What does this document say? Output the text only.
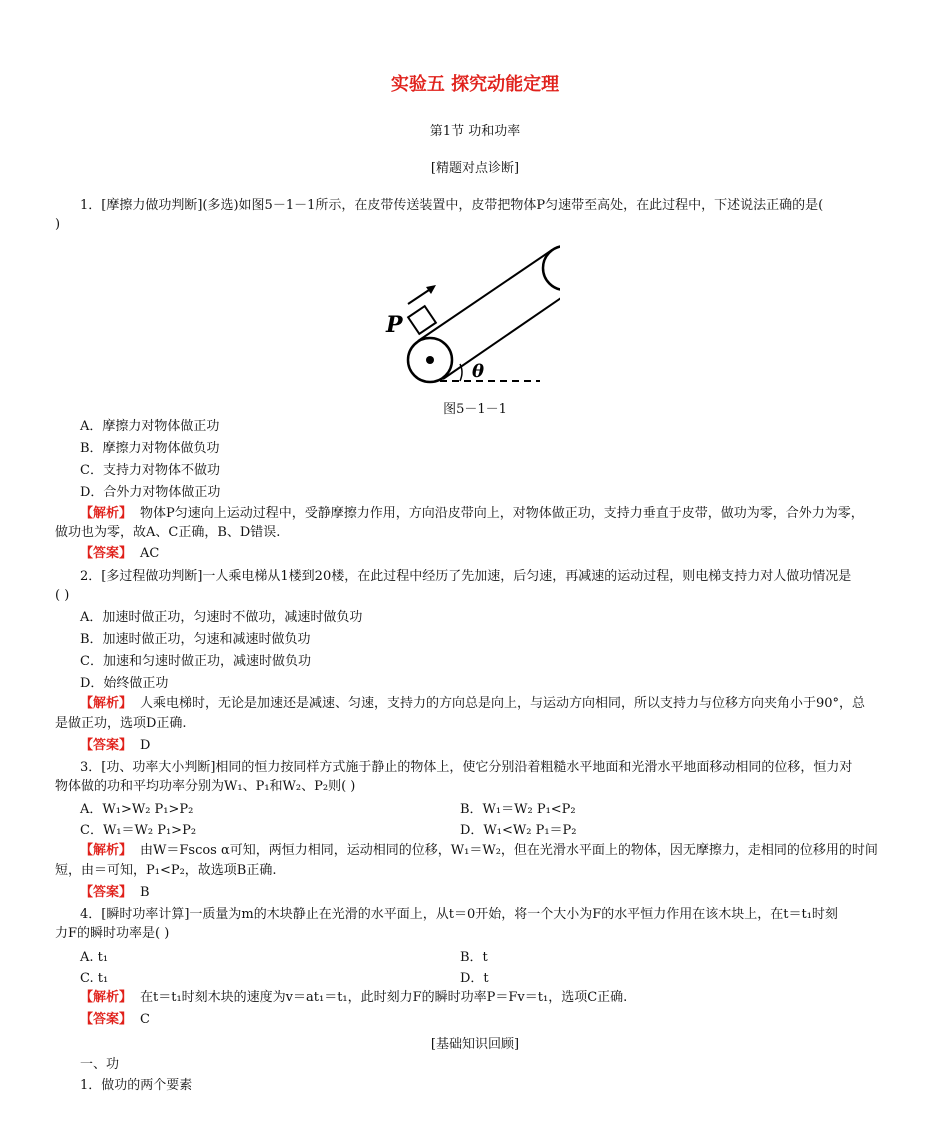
实验五 探究动能定理
第1节 功和功率
[精题对点诊断]
1．[摩擦力做功判断](多选)如图5－1－1所示，在皮带传送装置中，皮带把物体P匀速带至高处，在此过程中，下述说法正确的是(
)
P
θ
图5－1－1
A．摩擦力对物体做正功
B．摩擦力对物体做负功
C．支持力对物体不做功
D．合外力对物体做正功
【解析】 物体P匀速向上运动过程中，受静摩擦力作用，方向沿皮带向上，对物体做正功，支持力垂直于皮带，做功为零，合外力为零，
做功也为零，故A、C正确，B、D错误.
【答案】 AC
2．[多过程做功判断]一人乘电梯从1楼到20楼，在此过程中经历了先加速，后匀速，再减速的运动过程，则电梯支持力对人做功情况是
( )
A．加速时做正功，匀速时不做功，减速时做负功
B．加速时做正功，匀速和减速时做负功
C．加速和匀速时做正功，减速时做负功
D．始终做正功
【解析】 人乘电梯时，无论是加速还是减速、匀速，支持力的方向总是向上，与运动方向相同，所以支持力与位移方向夹角小于90°，总
是做正功，选项D正确.
【答案】 D
3．[功、功率大小判断]相同的恒力按同样方式施于静止的物体上，使它分别沿着粗糙水平地面和光滑水平地面移动相同的位移，恒力对
物体做的功和平均功率分别为W₁、P₁和W₂、P₂则( )
A．W₁>W₂ P₁>P₂	B．W₁＝W₂ P₁<P₂
C．W₁＝W₂ P₁>P₂	D．W₁<W₂ P₁＝P₂
【解析】 由W＝Fscos α可知，两恒力相同，运动相同的位移，W₁＝W₂，但在光滑水平面上的物体，因无摩擦力，走相同的位移用的时间
短，由＝可知，P₁<P₂，故选项B正确.
【答案】 B
4．[瞬时功率计算]一质量为m的木块静止在光滑的水平面上，从t＝0开始，将一个大小为F的水平恒力作用在该木块上，在t＝t₁时刻
力F的瞬时功率是( )
A. t₁	B．t
C. t₁	D．t
【解析】 在t＝t₁时刻木块的速度为v＝at₁＝t₁，此时刻力F的瞬时功率P＝Fv＝t₁，选项C正确.
【答案】 C
[基础知识回顾]
一、功
1．做功的两个要素
